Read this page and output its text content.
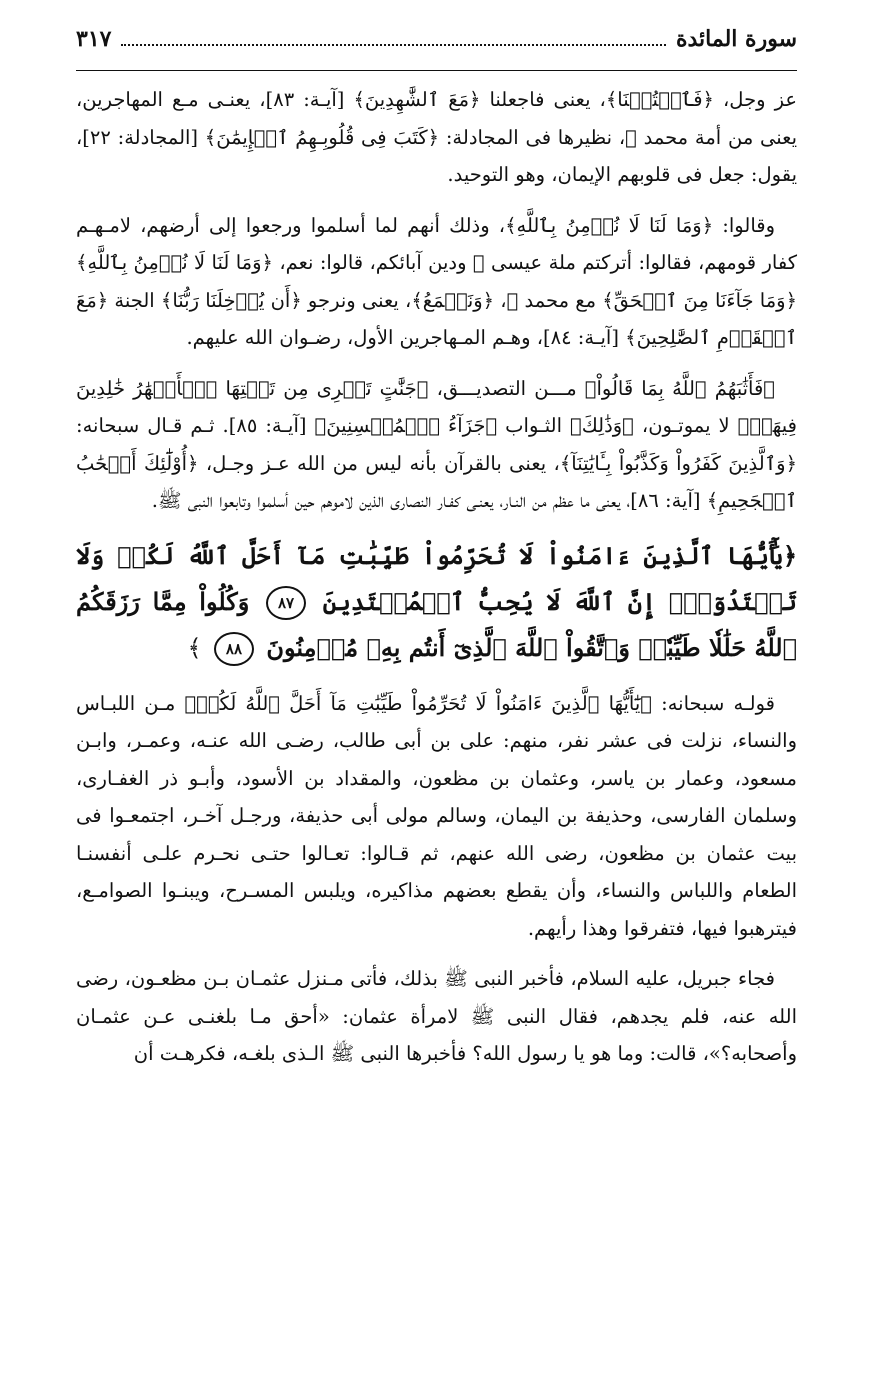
سورة المائدة
٣١٧

عز وجل، ﴿فَٱكۡتُبۡنَا﴾، يعنى فاجعلنا ﴿مَعَ ٱلشَّٰهِدِينَ﴾ [آيـة: ٨٣]، يعنـى مـع المهاجرين، يعنى من أمة محمد ﷺ، نظيرها فى المجادلة: ﴿كَتَبَ فِى قُلُوبِـهِمُ ٱلۡإِيمَٰنَ﴾ [المجادلة: ٢٢]، يقول: جعل فى قلوبهم الإيمان، وهو التوحيد.

وقالوا: ﴿وَمَا لَنَا لَا نُؤۡمِنُ بِٱللَّهِ﴾، وذلك أنهم لما أسلموا ورجعوا إلى أرضهم، لامـهـم كفار قومهم، فقالوا: أتركتم ملة عيسى ﷺ ودين آبائكم، قالوا: نعم، ﴿وَمَا لَنَا لَا نُؤۡمِنُ بِٱللَّهِ﴾ ﴿وَمَا جَآءَنَا مِنَ ٱلۡحَقِّ﴾ مع محمد ﷺ، ﴿وَنَطۡمَعُ﴾، يعنى ونرجو ﴿أَن يُدۡخِلَنَا رَبُّنَا﴾ الجنة ﴿مَعَ ٱلۡقَوۡمِ ٱلصَّٰلِحِينَ﴾ [آيـة: ٨٤]، وهـم المـهاجرين الأول، رضـوان الله عليهم.

﴿فَأَثَٰبَهُمُ ٱللَّهُ بِمَا قَالُواْ﴾ مـــن التصديـــق، ﴿جَنَّٰتٍ تَجۡرِى مِن تَحۡتِهَا ٱلۡأَنۡهَٰرُ خَٰلِدِينَ فِيهَاۚ﴾ لا يموتـون، ﴿وَذَٰلِكَ﴾ الثـواب ﴿جَزَآءُ ٱلۡمُحۡسِنِينَ﴾ [آيـة: ٨٥]. ثـم قـال سبحانه: ﴿وَٱلَّذِينَ كَفَرُواْ وَكَذَّبُواْ بِـَٔايَٰتِنَآ﴾، يعنى بالقرآن بأنه ليس من الله عـز وجـل، ﴿أُوْلَٰٓئِكَ أَصۡحَٰبُ ٱلۡجَحِيمِ﴾ [آية: ٨٦]، يعنى ما عظم من النـار، يعنـى كفـار النصارى الذين لاموهم حين أسلموا وتابعوا النبى ﷺ.

﴿يَٰٓأَيُّهَا ٱلَّذِينَ ءَامَنُواْ لَا تُحَرِّمُواْ طَيِّبَٰتِ مَآ أَحَلَّ ٱللَّهُ لَكُمۡ وَلَا تَعۡتَدُوٓاْۚ إِنَّ ٱللَّهَ لَا يُحِبُّ ٱلۡمُعۡتَدِينَ ٨٧ وَكُلُواْ مِمَّا رَزَقَكُمُ ٱللَّهُ حَلَٰلٗا طَيِّبٗاۚ وَٱتَّقُواْ ٱللَّهَ ٱلَّذِىٓ أَنتُم بِهِۦ مُؤۡمِنُونَ ٨٨ ﴾

قولـه سبحانه: ﴿يَٰٓأَيُّهَا ٱلَّذِينَ ءَامَنُواْ لَا تُحَرِّمُواْ طَيِّبَٰتِ مَآ أَحَلَّ ٱللَّهُ لَكُمۡ﴾ مـن اللبـاس والنساء، نزلت فى عشر نفر، منهم: على بن أبى طالب، رضـى الله عنـه، وعمـر، وابـن مسعود، وعمار بن ياسر، وعثمان بن مظعون، والمقداد بن الأسود، وأبـو ذر الغفـارى، وسلمان الفارسى، وحذيفة بن اليمان، وسالم مولى أبى حذيفة، ورجـل آخـر، اجتمعـوا فى بيت عثمان بن مظعون، رضى الله عنهم، ثم قـالوا: تعـالوا حتـى نحـرم علـى أنفسنـا الطعام واللباس والنساء، وأن يقطع بعضهم مذاكيره، ويلبس المسـرح، ويبنـوا الصوامـع، فيترهبوا فيها، فتفرقوا وهذا رأيهم.

فجاء جبريل، عليه السلام، فأخبر النبى ﷺ بذلك، فأتى مـنزل عثمـان بـن مظعـون، رضى الله عنه، فلم يجدهم، فقال النبى ﷺ لامرأة عثمان: «أحق مـا بلغنـى عـن عثمـان وأصحابه؟»، قالت: وما هو يا رسول الله؟ فأخبرها النبى ﷺ الـذى بلغـه، فكرهـت أن
